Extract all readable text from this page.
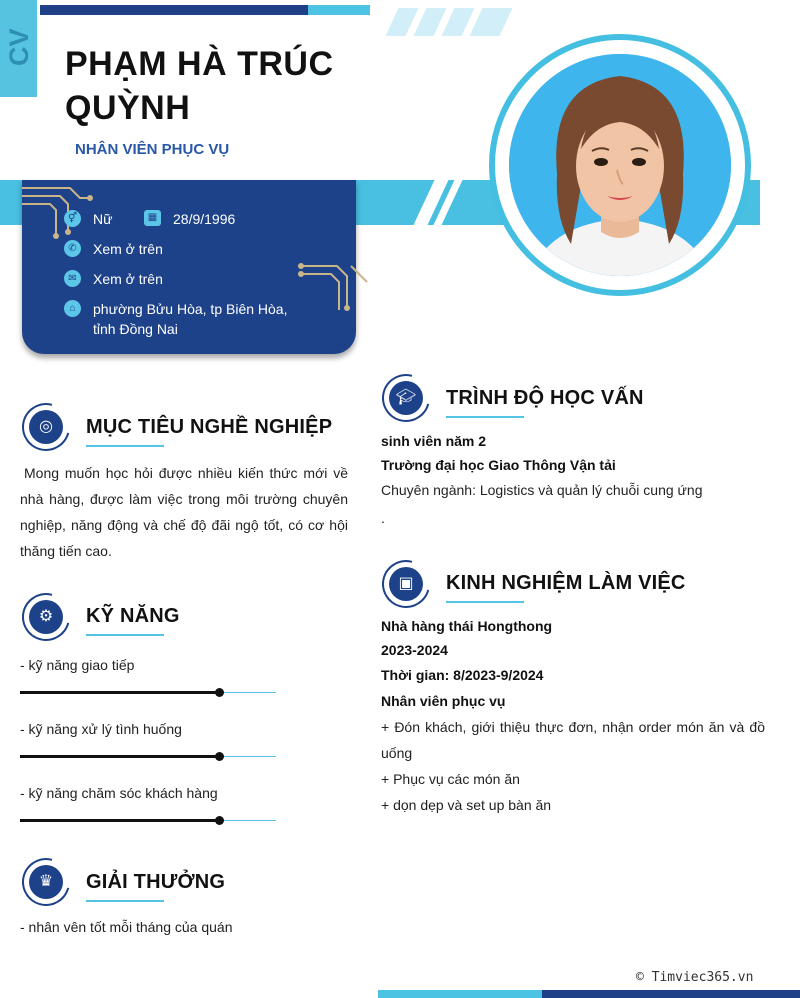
CV PHẠM HÀ TRÚC
QUỲNH
NHÂN VIÊN PHỤC VỤ
⚥ Nữ	▦ 28/9/1996
✆	Xem ở trên
✉	Xem ở trên
⌂	phường Bửu Hòa, tp Biên Hòa,
tỉnh Đồng Nai
◎	MỤC TIÊU NGHỀ NGHIỆP
Mong muốn học hỏi được nhiều kiến thức mới về nhà hàng, được làm việc trong môi trường chuyên nghiệp, năng động và chế độ đãi ngộ tốt, có cơ hội thăng tiến cao.
⚙	KỸ NĂNG
- kỹ năng giao tiếp
- kỹ năng xử lý tình huống
- kỹ năng chăm sóc khách hàng
♛	GIẢI THƯỞNG
- nhân vên tốt mỗi tháng của quán
🎓︎	TRÌNH ĐỘ HỌC VẤN
sinh viên năm 2
Trường đại học Giao Thông Vận tải
Chuyên ngành: Logistics và quản lý chuỗi cung ứng
.
▣	KINH NGHIỆM LÀM VIỆC
Nhà hàng thái Hongthong
2023-2024
Thời gian: 8/2023-9/2024
Nhân viên phục vụ
+ Đón khách, giới thiệu thực đơn, nhận order món ăn và đồ uống
+ Phục vụ các món ăn
+ dọn dẹp và set up bàn ăn
© Timviec365.vn
